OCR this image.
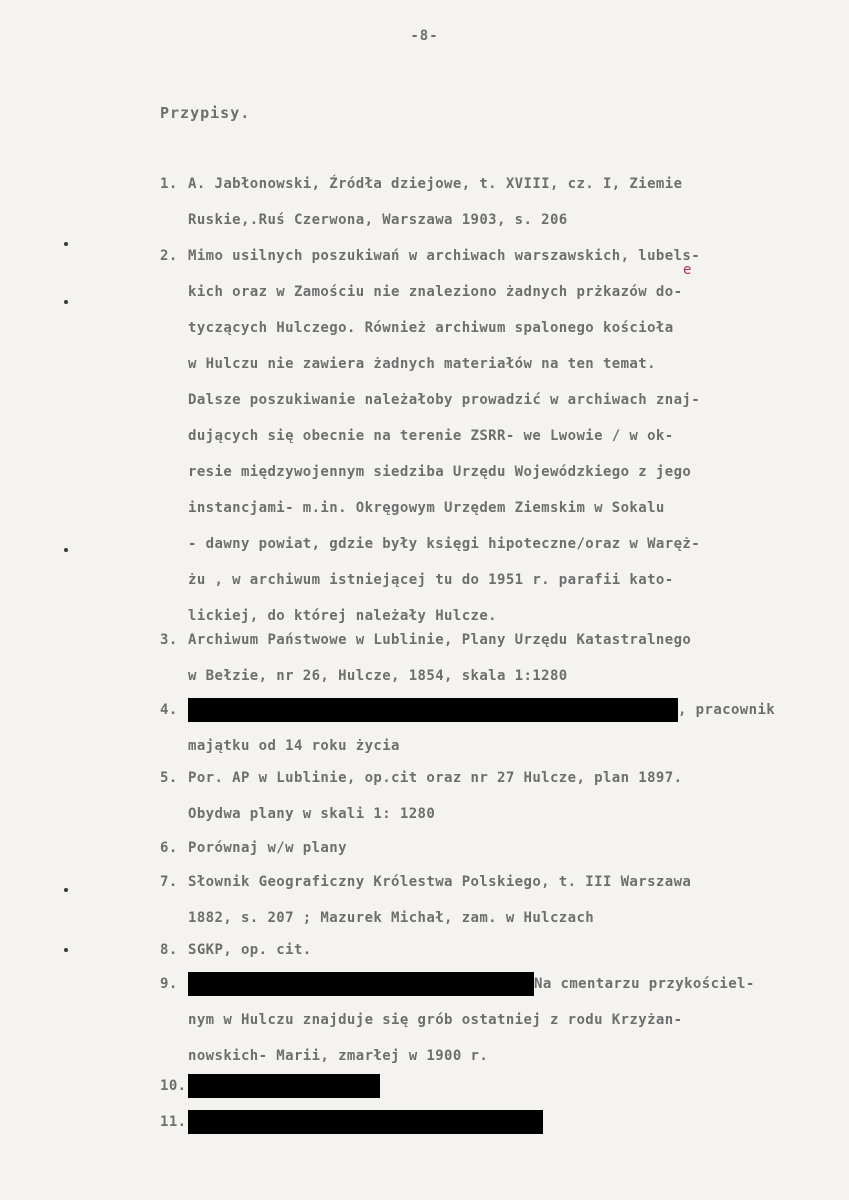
-8-
Przypisy.
e
1. A. Jabłonowski, Źródła dziejowe, t. XVIII, cz. I, Ziemie
Ruskie,.Ruś Czerwona, Warszawa 1903, s. 206
2. Mimo usilnych poszukiwań w archiwach warszawskich, lubels-
kich oraz w Zamościu nie znaleziono żadnych prżkazów do-
tyczących Hulczego. Również archiwum spalonego kościoła
w Hulczu nie zawiera żadnych materiałów na ten temat.
Dalsze poszukiwanie należałoby prowadzić w archiwach znaj-
dujących się obecnie na terenie ZSRR- we Lwowie / w ok-
resie międzywojennym siedziba Urzędu Wojewódzkiego z jego
instancjami- m.in. Okręgowym Urzędem Ziemskim w Sokalu
- dawny powiat, gdzie były księgi hipoteczne/oraz w Waręż-
żu , w archiwum istniejącej tu do 1951 r. parafii kato-
lickiej, do której należały Hulcze.
3. Archiwum Państwowe w Lublinie, Plany Urzędu Katastralnego
w Bełzie, nr 26, Hulcze, 1854, skala 1:1280
4.	, pracownik
majątku od 14 roku życia
5. Por. AP w Lublinie, op.cit oraz nr 27 Hulcze, plan 1897.
Obydwa plany w skali 1: 1280
6. Porównaj w/w plany
7. Słownik Geograficzny Królestwa Polskiego, t. III Warszawa
1882, s. 207 ; Mazurek Michał, zam. w Hulczach
8. SGKP, op. cit.
9.	Na cmentarzu przykościel-
nym w Hulczu znajduje się grób ostatniej z rodu Krzyżan-
nowskich- Marii, zmarłej w 1900 r.
10.
11.
